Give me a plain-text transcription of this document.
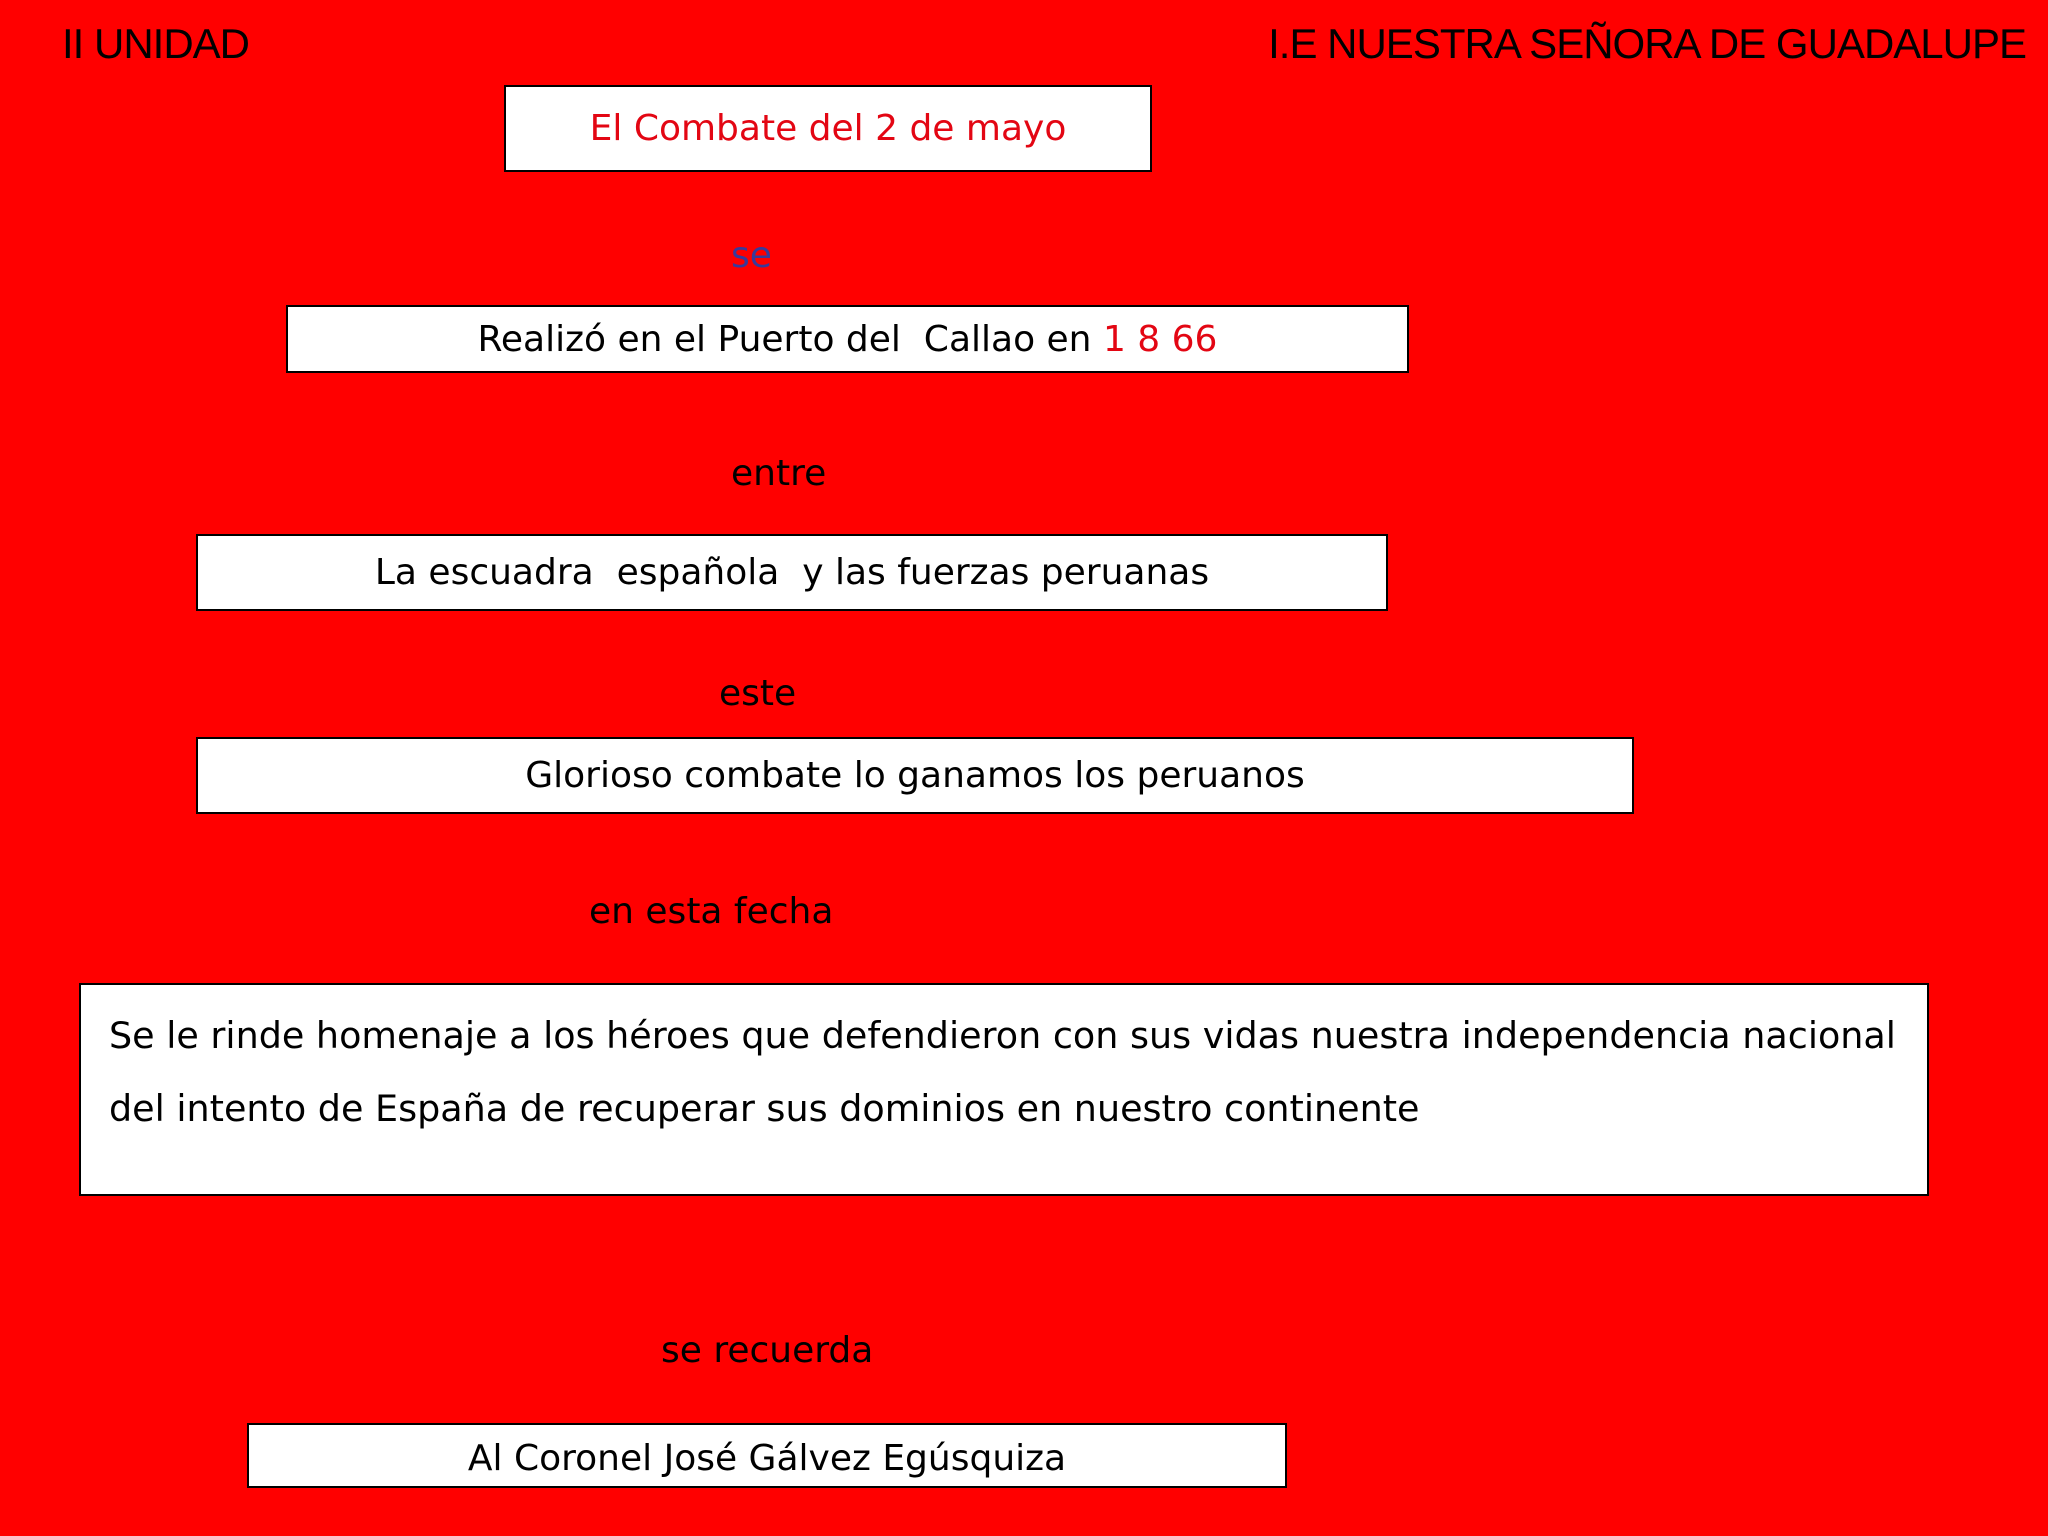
II UNIDAD	I.E NUESTRA SEÑORA DE GUADALUPE
El Combate del 2 de mayo
se
Realizó en el Puerto del  Callao en 1 8 66
entre
La escuadra  española  y las fuerzas peruanas
este
Glorioso combate lo ganamos los peruanos
en esta fecha
Se le rinde homenaje a los héroes que defendieron con sus vidas nuestra independencia nacional del intento de España de recuperar sus dominios en nuestro continente
se recuerda
Al Coronel José Gálvez Egúsquiza
